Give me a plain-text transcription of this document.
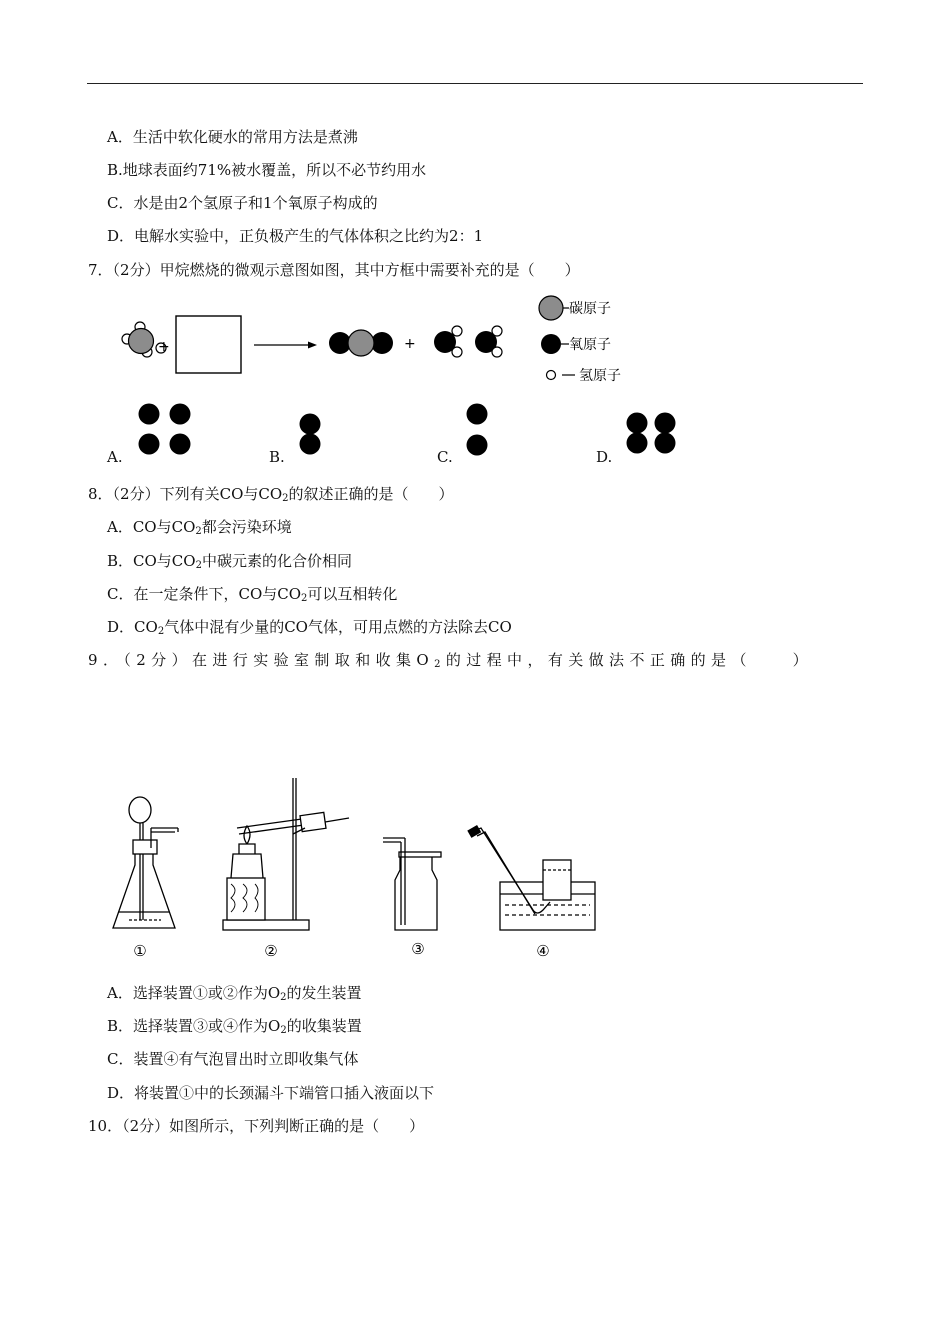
A．生活中软化硬水的常用方法是煮沸
B.地球表面约71%被水覆盖，所以不必节约用水
C．水是由2个氢原子和1个氧原子构成的
D．电解水实验中，正负极产生的气体体积之比约为2：1
7．（2分）甲烷燃烧的微观示意图如图，其中方框中需要补充的是（　　）
+	+
碳原子
氧原子
氢原子
A.	B.	C.	D.
8．（2分）下列有关CO与$CO_2$的叙述正确的是（　　）
A．CO与$CO_2$都会污染环境
B．CO与$CO_2$中碳元素的化合价相同
C．在一定条件下，CO与$CO_2$可以互相转化
D．$CO_2$气体中混有少量的CO气体，可用点燃的方法除去CO
9．（2分）在进行实验室制取和收集$O_2$的过程中，有关做法不正确的是（　　）
①	②	③	④
A．选择装置①或②作为$O_2$的发生装置
B．选择装置③或④作为$O_2$的收集装置
C．装置④有气泡冒出时立即收集气体
D．将装置①中的长颈漏斗下端管口插入液面以下
10．（2分）如图所示，下列判断正确的是（　　）
